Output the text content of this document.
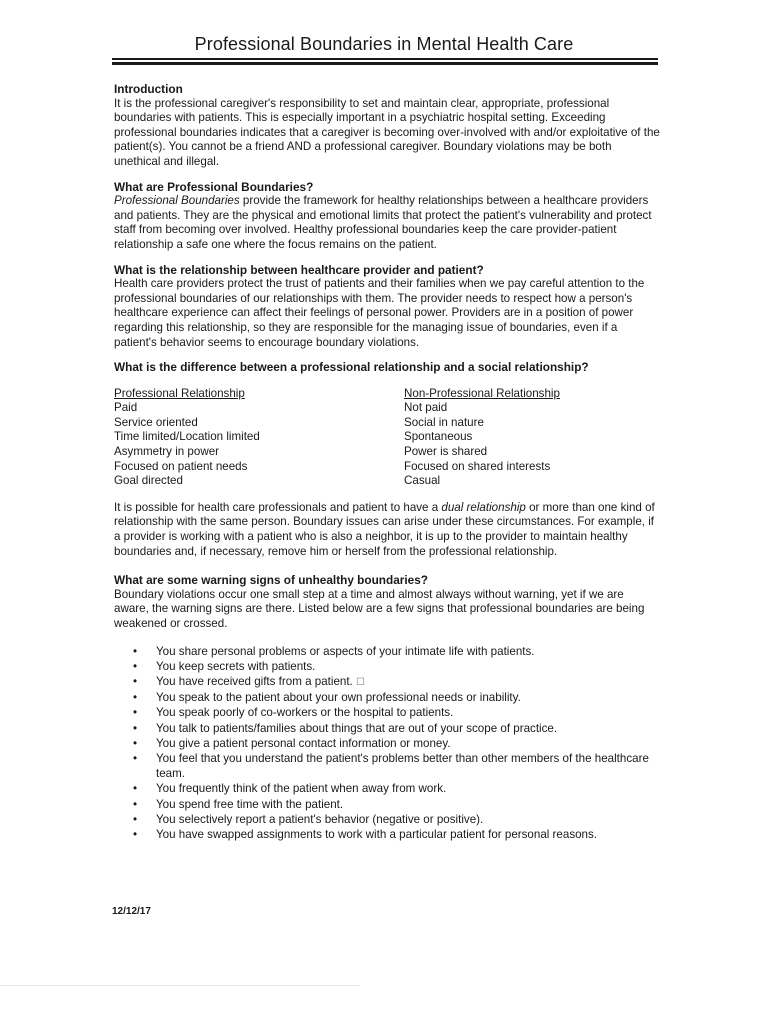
Professional Boundaries in Mental Health Care
Introduction

It is the professional caregiver's responsibility to set and maintain clear, appropriate, professional boundaries with patients. This is especially important in a psychiatric hospital setting. Exceeding professional boundaries indicates that a caregiver is becoming over-involved with and/or exploitative of the patient(s). You cannot be a friend AND a professional caregiver. Boundary violations may be both unethical and illegal.

What are Professional Boundaries?

Professional Boundaries provide the framework for healthy relationships between a healthcare providers and patients. They are the physical and emotional limits that protect the patient's vulnerability and protect staff from becoming over involved. Healthy professional boundaries keep the care provider-patient relationship a safe one where the focus remains on the patient.

What is the relationship between healthcare provider and patient?

Health care providers protect the trust of patients and their families when we pay careful attention to the professional boundaries of our relationships with them. The provider needs to respect how a person's healthcare experience can affect their feelings of personal power. Providers are in a position of power regarding this relationship, so they are responsible for the managing issue of boundaries, even if a patient's behavior seems to encourage boundary violations.

What is the difference between a professional relationship and a social relationship?
Professional Relationship
Paid
Service oriented
Time limited/Location limited
Asymmetry in power
Focused on patient needs
Goal directed
Non-Professional Relationship
Not paid
Social in nature
Spontaneous
Power is shared
Focused on shared interests
Casual

It is possible for health care professionals and patient to have a dual relationship or more than one kind of relationship with the same person. Boundary issues can arise under these circumstances. For example, if a provider is working with a patient who is also a neighbor, it is up to the provider to maintain healthy boundaries and, if necessary, remove him or herself from the professional relationship.

What are some warning signs of unhealthy boundaries?

Boundary violations occur one small step at a time and almost always without warning, yet if we are aware, the warning signs are there. Listed below are a few signs that professional boundaries are being weakened or crossed.

• You share personal problems or aspects of your intimate life with patients.
• You keep secrets with patients.
• You have received gifts from a patient. ☐
• You speak to the patient about your own professional needs or inability.
• You speak poorly of co-workers or the hospital to patients.
• You talk to patients/families about things that are out of your scope of practice.
• You give a patient personal contact information or money.
• You feel that you understand the patient's problems better than other members of the healthcare team.
• You frequently think of the patient when away from work.
• You spend free time with the patient.
• You selectively report a patient's behavior (negative or positive).
• You have swapped assignments to work with a particular patient for personal reasons.
12/12/17
